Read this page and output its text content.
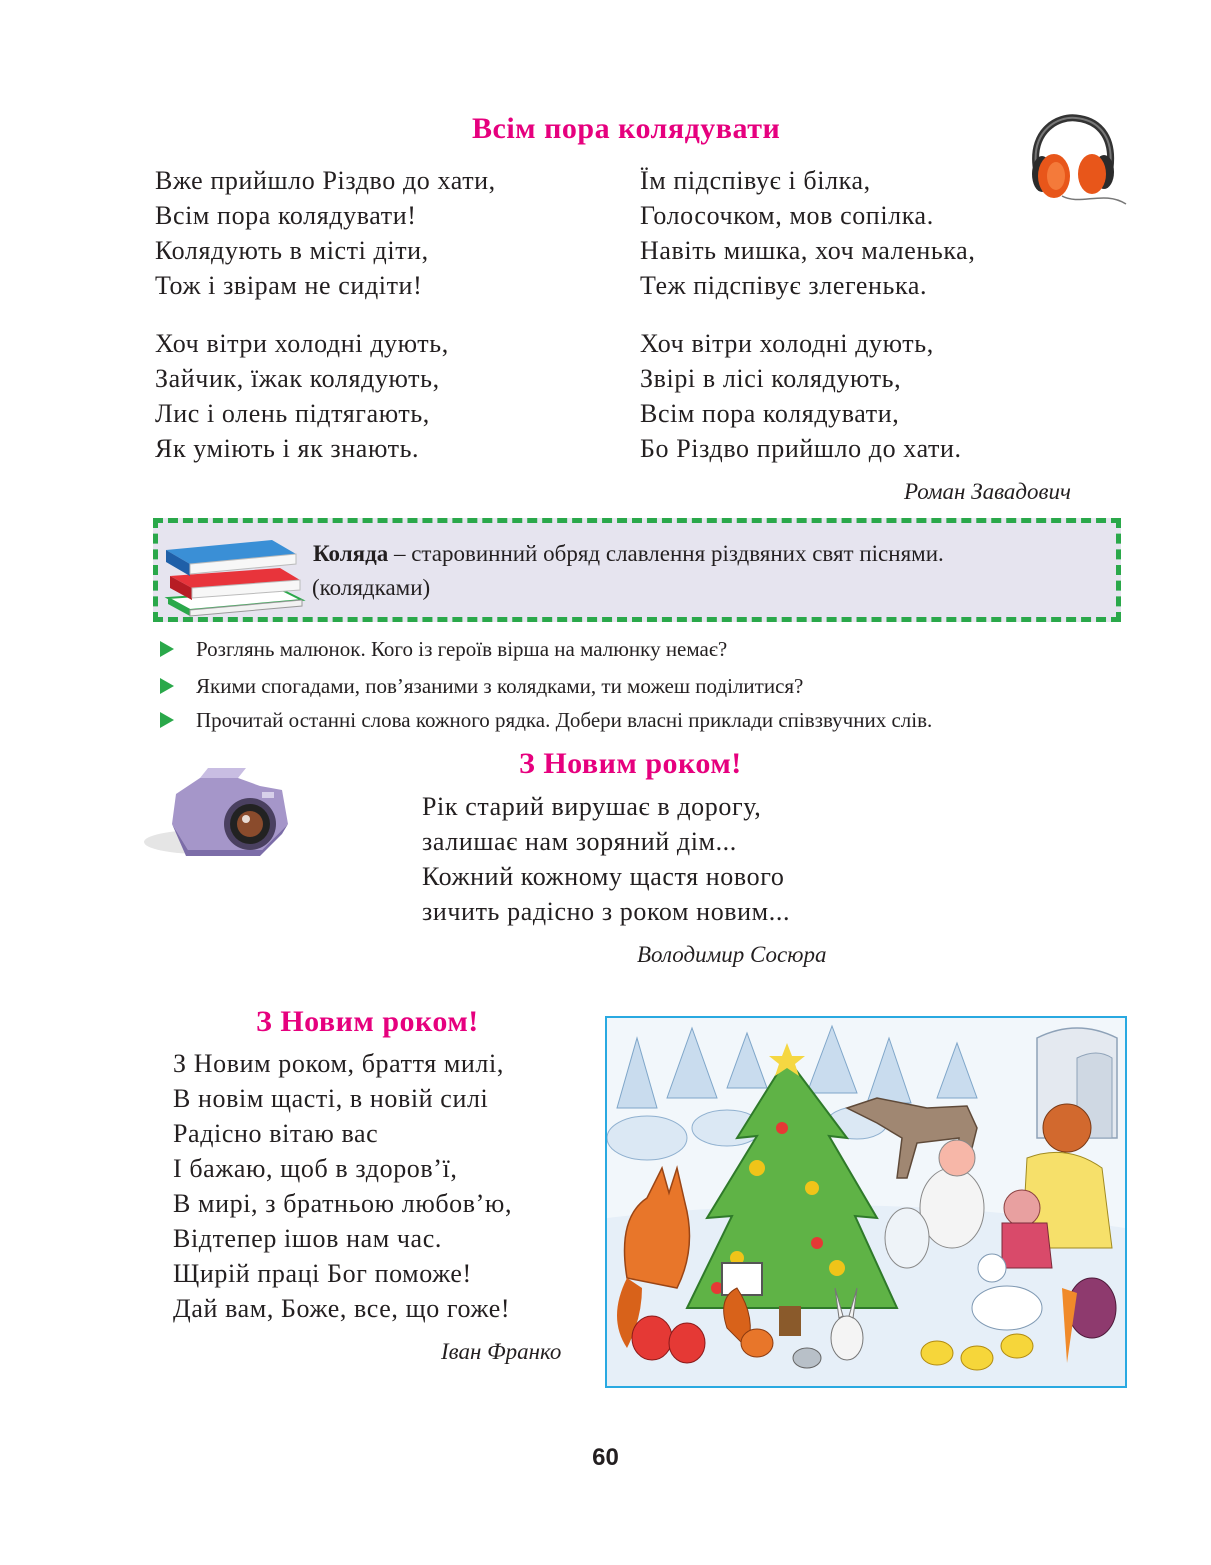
Всім пора колядувати
Вже прийшло Різдво до хати,
Всім пора колядувати!
Колядують в місті діти,
Тож і звірам не сидіти!
Хоч вітри холодні дують,
Зайчик, їжак колядують,
Лис і олень підтягають,
Як уміють і як знають.
Їм підспівує і білка,
Голосочком, мов сопілка.
Навіть мишка, хоч маленька,
Теж підспівує злегенька.
Хоч вітри холодні дують,
Звірі в лісі колядують,
Всім пора колядувати,
Бо Різдво прийшло до хати.
Роман Завадович
Коляда – старовинний обряд славлення різдвяних свят піснями.
(колядками)
Розглянь малюнок. Кого із героїв вірша на малюнку немає?
Якими спогадами, пов’язаними з колядками, ти можеш поділитися?
Прочитай останні слова кожного рядка. Добери власні приклади співзвучних слів.
З Новим роком!
Рік старий вирушає в дорогу,
залишає нам зоряний дім...
Кожний кожному щастя нового
зичить радісно з роком новим...
Володимир Сосюра
З Новим роком!
З Новим роком, браття милі,
В новім щасті, в новій силі
Радісно вітаю вас
І бажаю, щоб в здоров’ї,
В мирі, з братньою любов’ю,
Відтепер ішов нам час.
Щирій праці Бог поможе!
Дай вам, Боже, все, що гоже!
Іван Франко
60
